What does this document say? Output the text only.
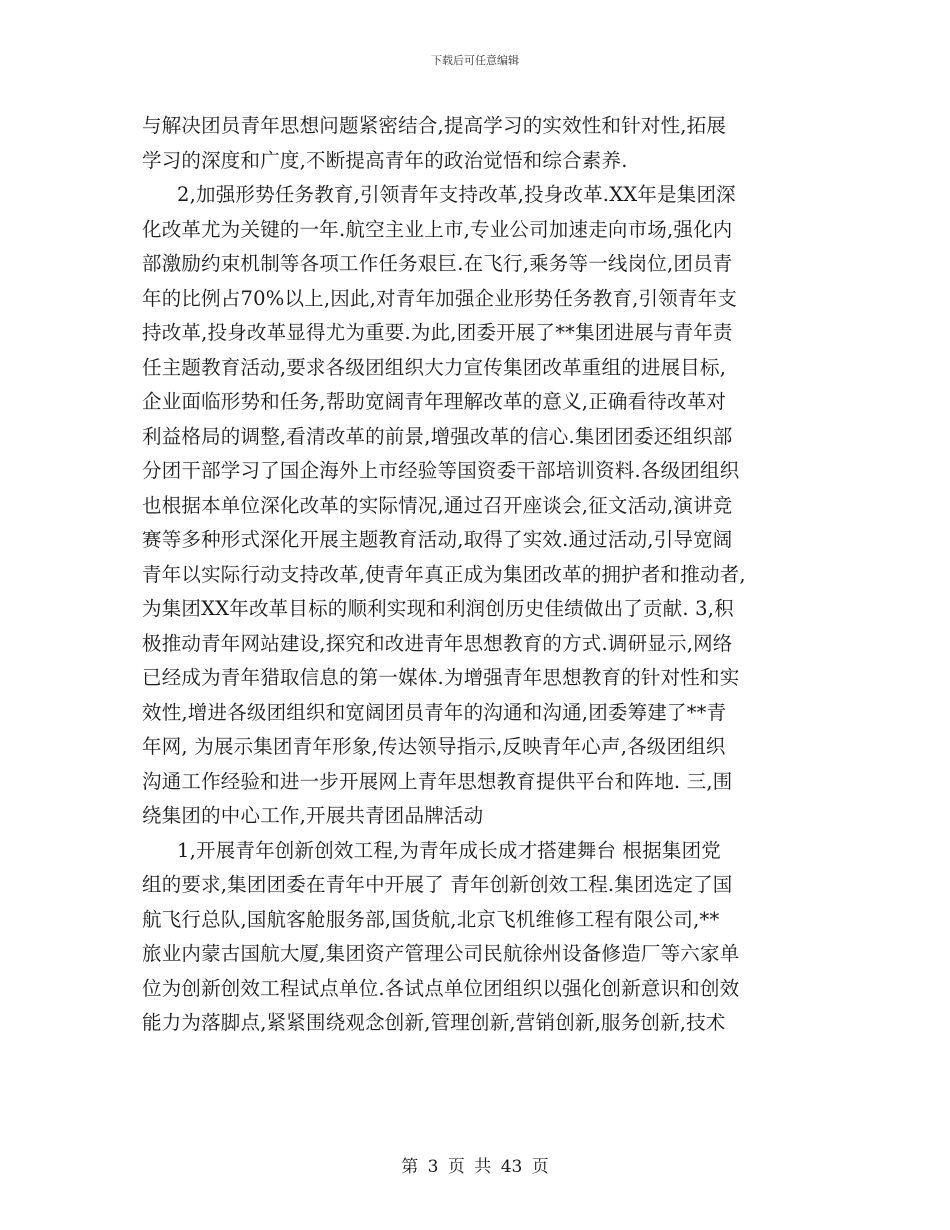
下载后可任意编辑
与解决团员青年思想问题紧密结合,提高学习的实效性和针对性,拓展
学习的深度和广度,不断提高青年的政治觉悟和综合素养.
2,加强形势任务教育,引领青年支持改革,投身改革.XX年是集团深
化改革尤为关键的一年.航空主业上市,专业公司加速走向市场,强化内
部激励约束机制等各项工作任务艰巨.在飞行,乘务等一线岗位,团员青
年的比例占70%以上,因此,对青年加强企业形势任务教育,引领青年支
持改革,投身改革显得尤为重要.为此,团委开展了**集团进展与青年责
任主题教育活动,要求各级团组织大力宣传集团改革重组的进展目标,
企业面临形势和任务,帮助宽阔青年理解改革的意义,正确看待改革对
利益格局的调整,看清改革的前景,增强改革的信心.集团团委还组织部
分团干部学习了国企海外上市经验等国资委干部培训资料.各级团组织
也根据本单位深化改革的实际情况,通过召开座谈会,征文活动,演讲竞
赛等多种形式深化开展主题教育活动,取得了实效.通过活动,引导宽阔
青年以实际行动支持改革,使青年真正成为集团改革的拥护者和推动者,
为集团XX年改革目标的顺利实现和利润创历史佳绩做出了贡献. 3,积
极推动青年网站建设,探究和改进青年思想教育的方式.调研显示,网络
已经成为青年猎取信息的第一媒体.为增强青年思想教育的针对性和实
效性,增进各级团组织和宽阔团员青年的沟通和沟通,团委筹建了**青
年网, 为展示集团青年形象,传达领导指示,反映青年心声,各级团组织
沟通工作经验和进一步开展网上青年思想教育提供平台和阵地. 三,围
绕集团的中心工作,开展共青团品牌活动
1,开展青年创新创效工程,为青年成长成才搭建舞台 根据集团党
组的要求,集团团委在青年中开展了 青年创新创效工程.集团选定了国
航飞行总队,国航客舱服务部,国货航,北京飞机维修工程有限公司,**
旅业内蒙古国航大厦,集团资产管理公司民航徐州设备修造厂等六家单
位为创新创效工程试点单位.各试点单位团组织以强化创新意识和创效
能力为落脚点,紧紧围绕观念创新,管理创新,营销创新,服务创新,技术
第 3 页 共 43 页
